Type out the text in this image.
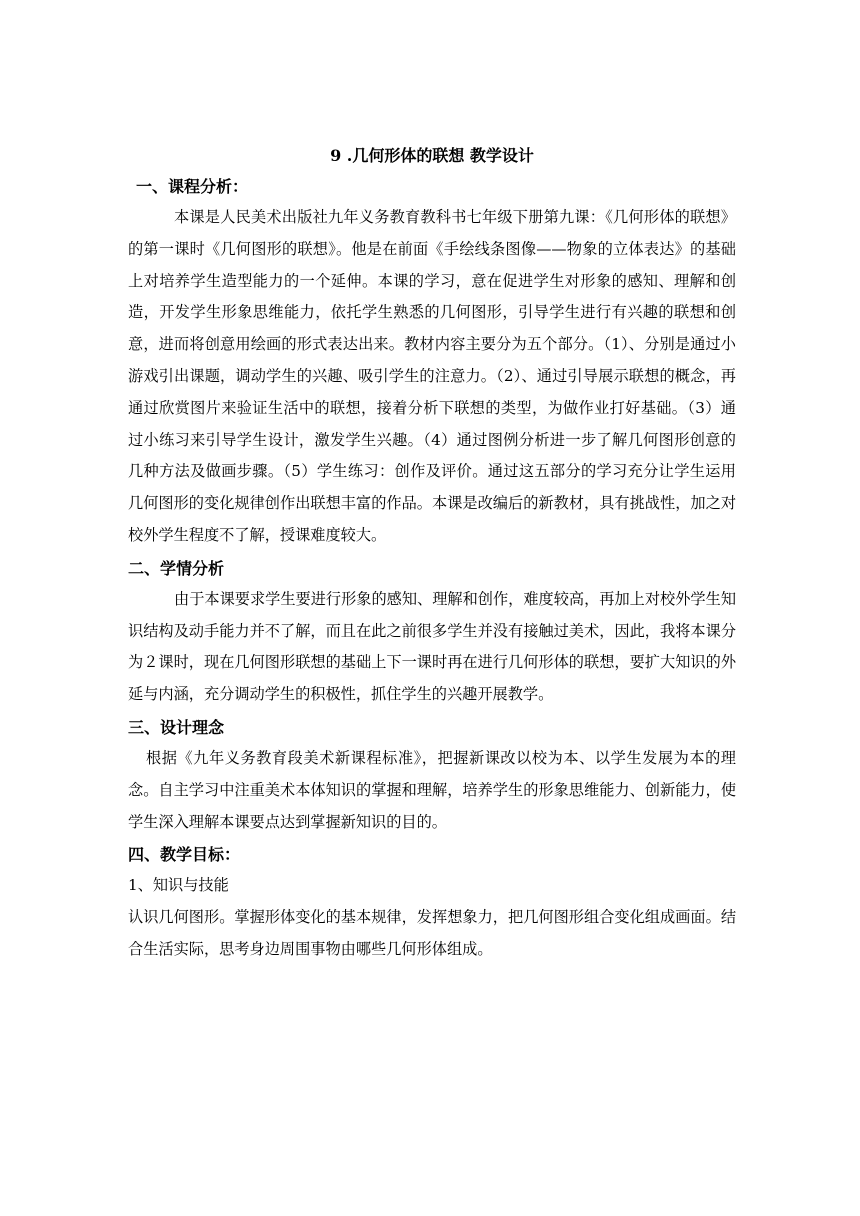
9 .几何形体的联想 教学设计
一、课程分析：

本课是人民美术出版社九年义务教育教科书七年级下册第九课：《几何形体的联想》的第一课时《几何图形的联想》。他是在前面《手绘线条图像——物象的立体表达》的基础上对培养学生造型能力的一个延伸。本课的学习，意在促进学生对形象的感知、理解和创造，开发学生形象思维能力，依托学生熟悉的几何图形，引导学生进行有兴趣的联想和创意，进而将创意用绘画的形式表达出来。教材内容主要分为五个部分。（1）、分别是通过小游戏引出课题，调动学生的兴趣、吸引学生的注意力。（2）、通过引导展示联想的概念，再通过欣赏图片来验证生活中的联想，接着分析下联想的类型，为做作业打好基础。（3）通过小练习来引导学生设计，激发学生兴趣。（4）通过图例分析进一步了解几何图形创意的几种方法及做画步骤。（5）学生练习：创作及评价。通过这五部分的学习充分让学生运用几何图形的变化规律创作出联想丰富的作品。本课是改编后的新教材，具有挑战性，加之对校外学生程度不了解，授课难度较大。

二、学情分析

由于本课要求学生要进行形象的感知、理解和创作，难度较高，再加上对校外学生知识结构及动手能力并不了解，而且在此之前很多学生并没有接触过美术，因此，我将本课分为２课时，现在几何图形联想的基础上下一课时再在进行几何形体的联想，要扩大知识的外延与内涵，充分调动学生的积极性，抓住学生的兴趣开展教学。

三、设计理念

根据《九年义务教育段美术新课程标准》，把握新课改以校为本、以学生发展为本的理念。自主学习中注重美术本体知识的掌握和理解，培养学生的形象思维能力、创新能力，使学生深入理解本课要点达到掌握新知识的目的。

四、教学目标：
1、知识与技能

认识几何图形。掌握形体变化的基本规律，发挥想象力，把几何图形组合变化组成画面。结合生活实际，思考身边周围事物由哪些几何形体组成。
